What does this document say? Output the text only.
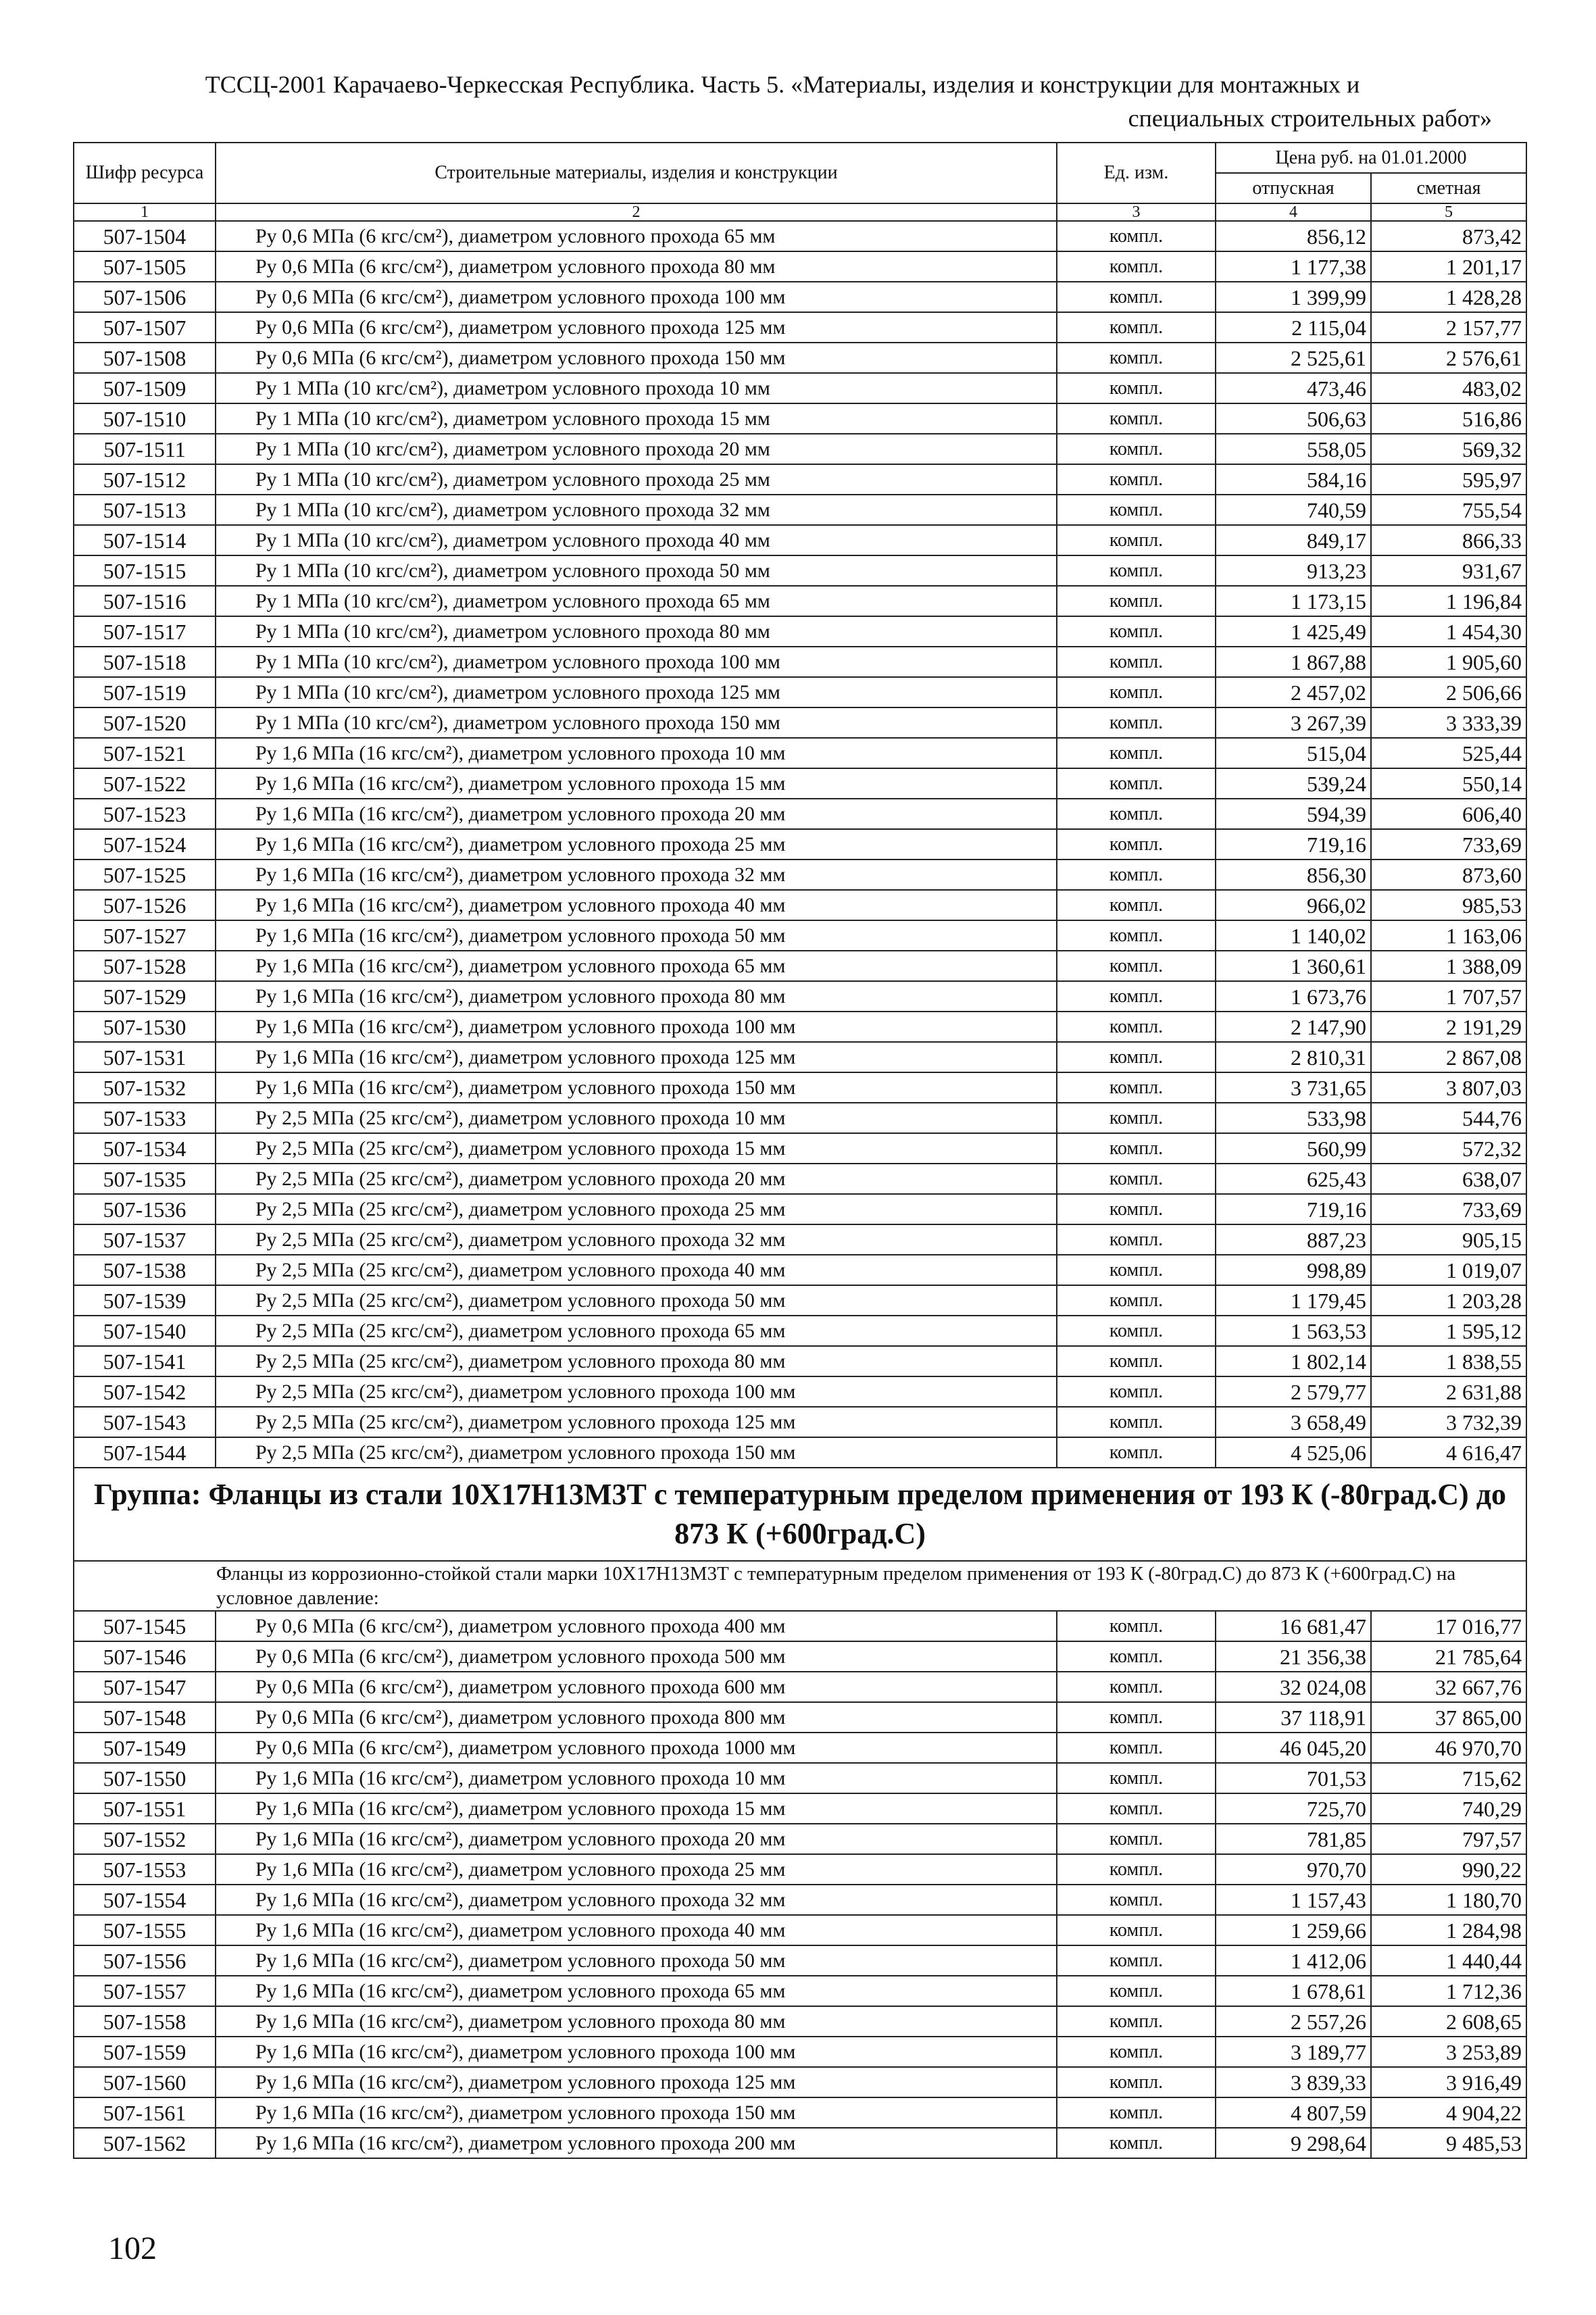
ТССЦ-2001 Карачаево-Черкесская Республика. Часть 5. «Материалы, изделия и конструкции для монтажных и
специальных строительных работ»
Шифр ресурса	Строительные материалы, изделия и конструкции	Ед. изм.	Цена руб. на 01.01.2000	
			отпускная	сметная
1	2	3	4	5
507-1504	Ру 0,6 МПа (6 кгс/см²), диаметром условного прохода 65 мм	компл.	856,12	873,42
507-1505	Ру 0,6 МПа (6 кгс/см²), диаметром условного прохода 80 мм	компл.	1 177,38	1 201,17
507-1506	Ру 0,6 МПа (6 кгс/см²), диаметром условного прохода 100 мм	компл.	1 399,99	1 428,28
507-1507	Ру 0,6 МПа (6 кгс/см²), диаметром условного прохода 125 мм	компл.	2 115,04	2 157,77
507-1508	Ру 0,6 МПа (6 кгс/см²), диаметром условного прохода 150 мм	компл.	2 525,61	2 576,61
507-1509	Ру 1 МПа (10 кгс/см²), диаметром условного прохода 10 мм	компл.	473,46	483,02
507-1510	Ру 1 МПа (10 кгс/см²), диаметром условного прохода 15 мм	компл.	506,63	516,86
507-1511	Ру 1 МПа (10 кгс/см²), диаметром условного прохода 20 мм	компл.	558,05	569,32
507-1512	Ру 1 МПа (10 кгс/см²), диаметром условного прохода 25 мм	компл.	584,16	595,97
507-1513	Ру 1 МПа (10 кгс/см²), диаметром условного прохода 32 мм	компл.	740,59	755,54
507-1514	Ру 1 МПа (10 кгс/см²), диаметром условного прохода 40 мм	компл.	849,17	866,33
507-1515	Ру 1 МПа (10 кгс/см²), диаметром условного прохода 50 мм	компл.	913,23	931,67
507-1516	Ру 1 МПа (10 кгс/см²), диаметром условного прохода 65 мм	компл.	1 173,15	1 196,84
507-1517	Ру 1 МПа (10 кгс/см²), диаметром условного прохода 80 мм	компл.	1 425,49	1 454,30
507-1518	Ру 1 МПа (10 кгс/см²), диаметром условного прохода 100 мм	компл.	1 867,88	1 905,60
507-1519	Ру 1 МПа (10 кгс/см²), диаметром условного прохода 125 мм	компл.	2 457,02	2 506,66
507-1520	Ру 1 МПа (10 кгс/см²), диаметром условного прохода 150 мм	компл.	3 267,39	3 333,39
507-1521	Ру 1,6 МПа (16 кгс/см²), диаметром условного прохода 10 мм	компл.	515,04	525,44
507-1522	Ру 1,6 МПа (16 кгс/см²), диаметром условного прохода 15 мм	компл.	539,24	550,14
507-1523	Ру 1,6 МПа (16 кгс/см²), диаметром условного прохода 20 мм	компл.	594,39	606,40
507-1524	Ру 1,6 МПа (16 кгс/см²), диаметром условного прохода 25 мм	компл.	719,16	733,69
507-1525	Ру 1,6 МПа (16 кгс/см²), диаметром условного прохода 32 мм	компл.	856,30	873,60
507-1526	Ру 1,6 МПа (16 кгс/см²), диаметром условного прохода 40 мм	компл.	966,02	985,53
507-1527	Ру 1,6 МПа (16 кгс/см²), диаметром условного прохода 50 мм	компл.	1 140,02	1 163,06
507-1528	Ру 1,6 МПа (16 кгс/см²), диаметром условного прохода 65 мм	компл.	1 360,61	1 388,09
507-1529	Ру 1,6 МПа (16 кгс/см²), диаметром условного прохода 80 мм	компл.	1 673,76	1 707,57
507-1530	Ру 1,6 МПа (16 кгс/см²), диаметром условного прохода 100 мм	компл.	2 147,90	2 191,29
507-1531	Ру 1,6 МПа (16 кгс/см²), диаметром условного прохода 125 мм	компл.	2 810,31	2 867,08
507-1532	Ру 1,6 МПа (16 кгс/см²), диаметром условного прохода 150 мм	компл.	3 731,65	3 807,03
507-1533	Ру 2,5 МПа (25 кгс/см²), диаметром условного прохода 10 мм	компл.	533,98	544,76
507-1534	Ру 2,5 МПа (25 кгс/см²), диаметром условного прохода 15 мм	компл.	560,99	572,32
507-1535	Ру 2,5 МПа (25 кгс/см²), диаметром условного прохода 20 мм	компл.	625,43	638,07
507-1536	Ру 2,5 МПа (25 кгс/см²), диаметром условного прохода 25 мм	компл.	719,16	733,69
507-1537	Ру 2,5 МПа (25 кгс/см²), диаметром условного прохода 32 мм	компл.	887,23	905,15
507-1538	Ру 2,5 МПа (25 кгс/см²), диаметром условного прохода 40 мм	компл.	998,89	1 019,07
507-1539	Ру 2,5 МПа (25 кгс/см²), диаметром условного прохода 50 мм	компл.	1 179,45	1 203,28
507-1540	Ру 2,5 МПа (25 кгс/см²), диаметром условного прохода 65 мм	компл.	1 563,53	1 595,12
507-1541	Ру 2,5 МПа (25 кгс/см²), диаметром условного прохода 80 мм	компл.	1 802,14	1 838,55
507-1542	Ру 2,5 МПа (25 кгс/см²), диаметром условного прохода 100 мм	компл.	2 579,77	2 631,88
507-1543	Ру 2,5 МПа (25 кгс/см²), диаметром условного прохода 125 мм	компл.	3 658,49	3 732,39
507-1544	Ру 2,5 МПа (25 кгс/см²), диаметром условного прохода 150 мм	компл.	4 525,06	4 616,47
Группа: Фланцы из стали 10Х17Н13М3Т с температурным пределом применения от 193 К (-80град.С) до 873 К (+600град.С)				
Фланцы из коррозионно-стойкой стали марки 10Х17Н13М3Т с температурным пределом применения от 193 К (-80град.С) до 873 К (+600град.С) на условное давление:				
507-1545	Ру 0,6 МПа (6 кгс/см²), диаметром условного прохода 400 мм	компл.	16 681,47	17 016,77
507-1546	Ру 0,6 МПа (6 кгс/см²), диаметром условного прохода 500 мм	компл.	21 356,38	21 785,64
507-1547	Ру 0,6 МПа (6 кгс/см²), диаметром условного прохода 600 мм	компл.	32 024,08	32 667,76
507-1548	Ру 0,6 МПа (6 кгс/см²), диаметром условного прохода 800 мм	компл.	37 118,91	37 865,00
507-1549	Ру 0,6 МПа (6 кгс/см²), диаметром условного прохода 1000 мм	компл.	46 045,20	46 970,70
507-1550	Ру 1,6 МПа (16 кгс/см²), диаметром условного прохода 10 мм	компл.	701,53	715,62
507-1551	Ру 1,6 МПа (16 кгс/см²), диаметром условного прохода 15 мм	компл.	725,70	740,29
507-1552	Ру 1,6 МПа (16 кгс/см²), диаметром условного прохода 20 мм	компл.	781,85	797,57
507-1553	Ру 1,6 МПа (16 кгс/см²), диаметром условного прохода 25 мм	компл.	970,70	990,22
507-1554	Ру 1,6 МПа (16 кгс/см²), диаметром условного прохода 32 мм	компл.	1 157,43	1 180,70
507-1555	Ру 1,6 МПа (16 кгс/см²), диаметром условного прохода 40 мм	компл.	1 259,66	1 284,98
507-1556	Ру 1,6 МПа (16 кгс/см²), диаметром условного прохода 50 мм	компл.	1 412,06	1 440,44
507-1557	Ру 1,6 МПа (16 кгс/см²), диаметром условного прохода 65 мм	компл.	1 678,61	1 712,36
507-1558	Ру 1,6 МПа (16 кгс/см²), диаметром условного прохода 80 мм	компл.	2 557,26	2 608,65
507-1559	Ру 1,6 МПа (16 кгс/см²), диаметром условного прохода 100 мм	компл.	3 189,77	3 253,89
507-1560	Ру 1,6 МПа (16 кгс/см²), диаметром условного прохода 125 мм	компл.	3 839,33	3 916,49
507-1561	Ру 1,6 МПа (16 кгс/см²), диаметром условного прохода 150 мм	компл.	4 807,59	4 904,22
507-1562	Ру 1,6 МПа (16 кгс/см²), диаметром условного прохода 200 мм	компл.	9 298,64	9 485,53
102
